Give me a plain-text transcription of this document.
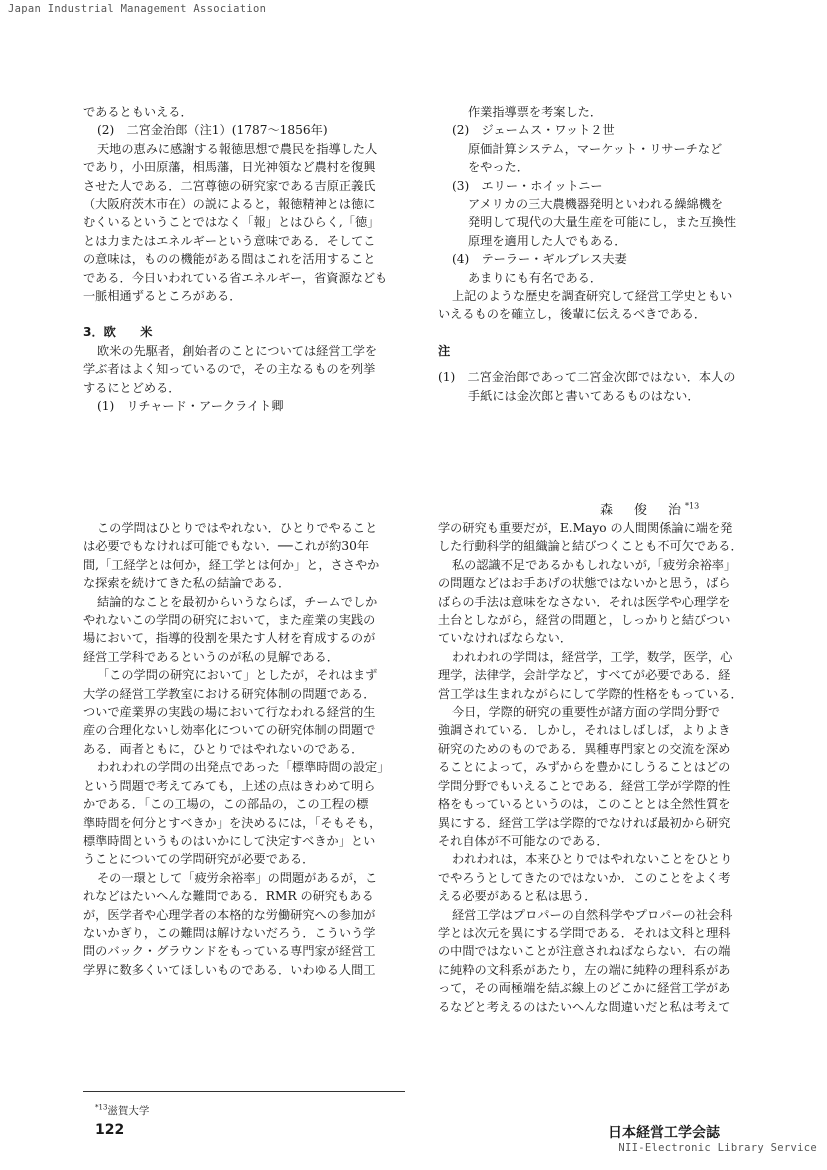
Japan Industrial Management Association

であるともいえる．

(2)　二宮金治郎（注1）(1787～1856年)

天地の恵みに感謝する報徳思想で農民を指導した人

であり，小田原藩，相馬藩，日光神領など農村を復興

させた人である．二宮尊徳の研究家である吉原正義氏

（大阪府茨木市在）の説によると，報徳精神とは徳に

むくいるということではなく「報」とはひらく,「徳」

とは力またはエネルギーという意味である．そしてこ

の意味は，ものの機能がある間はこれを活用すること

である．今日いわれている省エネルギー，省資源なども

一脈相通ずるところがある．

3．欧　　米

欧米の先駆者，創始者のことについては経営工学を

学ぶ者はよく知っているので，その主なるものを列挙

するにとどめる．

(1)　リチャード・アークライト卿

作業指導票を考案した．

(2)　ジェームス・ワット２世

原価計算システム，マーケット・リサーチなど

をやった．

(3)　エリー・ホイットニー

アメリカの三大農機器発明といわれる繰綿機を

発明して現代の大量生産を可能にし，また互換性

原理を適用した人でもある．

(4)　テーラー・ギルブレス夫妻

あまりにも有名である．

上記のような歴史を調査研究して経営工学史ともい

いえるものを確立し，後輩に伝えるべきである．

注

(1)　二宮金治郎であって二宮金次郎ではない．本人の

手紙には金次郎と書いてあるものはない．

森　俊　治$^{*13}$

この学問はひとりではやれない．ひとりでやること

は必要でもなければ可能でもない．──これが約30年

間,「工経学とは何か，経工学とは何か」と，ささやか

な探索を続けてきた私の結論である．

結論的なことを最初からいうならば，チームでしか

やれないこの学問の研究において，また産業の実践の

場において，指導的役割を果たす人材を育成するのが

経営工学科であるというのが私の見解である．

「この学問の研究において」としたが，それはまず

大学の経営工学教室における研究体制の問題である．

ついで産業界の実践の場において行なわれる経営的生

産の合理化ないし効率化についての研究体制の問題で

ある．両者ともに，ひとりではやれないのである．

われわれの学問の出発点であった「標準時間の設定」

という問題で考えてみても，上述の点はきわめて明ら

かである．「この工場の，この部品の，この工程の標

準時間を何分とすべきか」を決めるには，「そもそも，

標準時間というものはいかにして決定すべきか」とい

うことについての学問研究が必要である．

その一環として「疲労余裕率」の問題があるが，こ

れなどはたいへんな難問である．RMR の研究もある

が，医学者や心理学者の本格的な労働研究への参加が

ないかぎり，この難問は解けないだろう．こういう学

問のバック・グラウンドをもっている専門家が経営工

学界に数多くいてほしいものである．いわゆる人間工

学の研究も重要だが，E.Mayo の人間関係論に端を発

した行動科学的組織論と結びつくことも不可欠である．

私の認識不足であるかもしれないが,「疲労余裕率」

の問題などはお手あげの状態ではないかと思う，ばら

ばらの手法は意味をなさない．それは医学や心理学を

土台としながら，経営の問題と，しっかりと結びつい

ていなければならない．

われわれの学問は，経営学，工学，数学，医学，心

理学，法律学，会計学など，すべてが必要である．経

営工学は生まれながらにして学際的性格をもっている．

今日，学際的研究の重要性が諸方面の学問分野で

強調されている．しかし，それはしばしば，よりよき

研究のためのものである．異種専門家との交流を深め

ることによって，みずからを豊かにしうることはどの

学問分野でもいえることである．経営工学が学際的性

格をもっているというのは，このこととは全然性質を

異にする．経営工学は学際的でなければ最初から研究

それ自体が不可能なのである．

われわれは，本来ひとりではやれないことをひとり

でやろうとしてきたのではないか．このことをよく考

える必要があると私は思う．

経営工学はプロパーの自然科学やプロパーの社会科

学とは次元を異にする学問である．それは文科と理科

の中間ではないことが注意されねばならない．右の端

に純粋の文科系があたり，左の端に純粋の理科系があ

って，その両極端を結ぶ線上のどこかに経営工学があ

るなどと考えるのはたいへんな間違いだと私は考えて

$^{*13}$滋賀大学
122	日本経営工学会誌
NII-Electronic Library Service
